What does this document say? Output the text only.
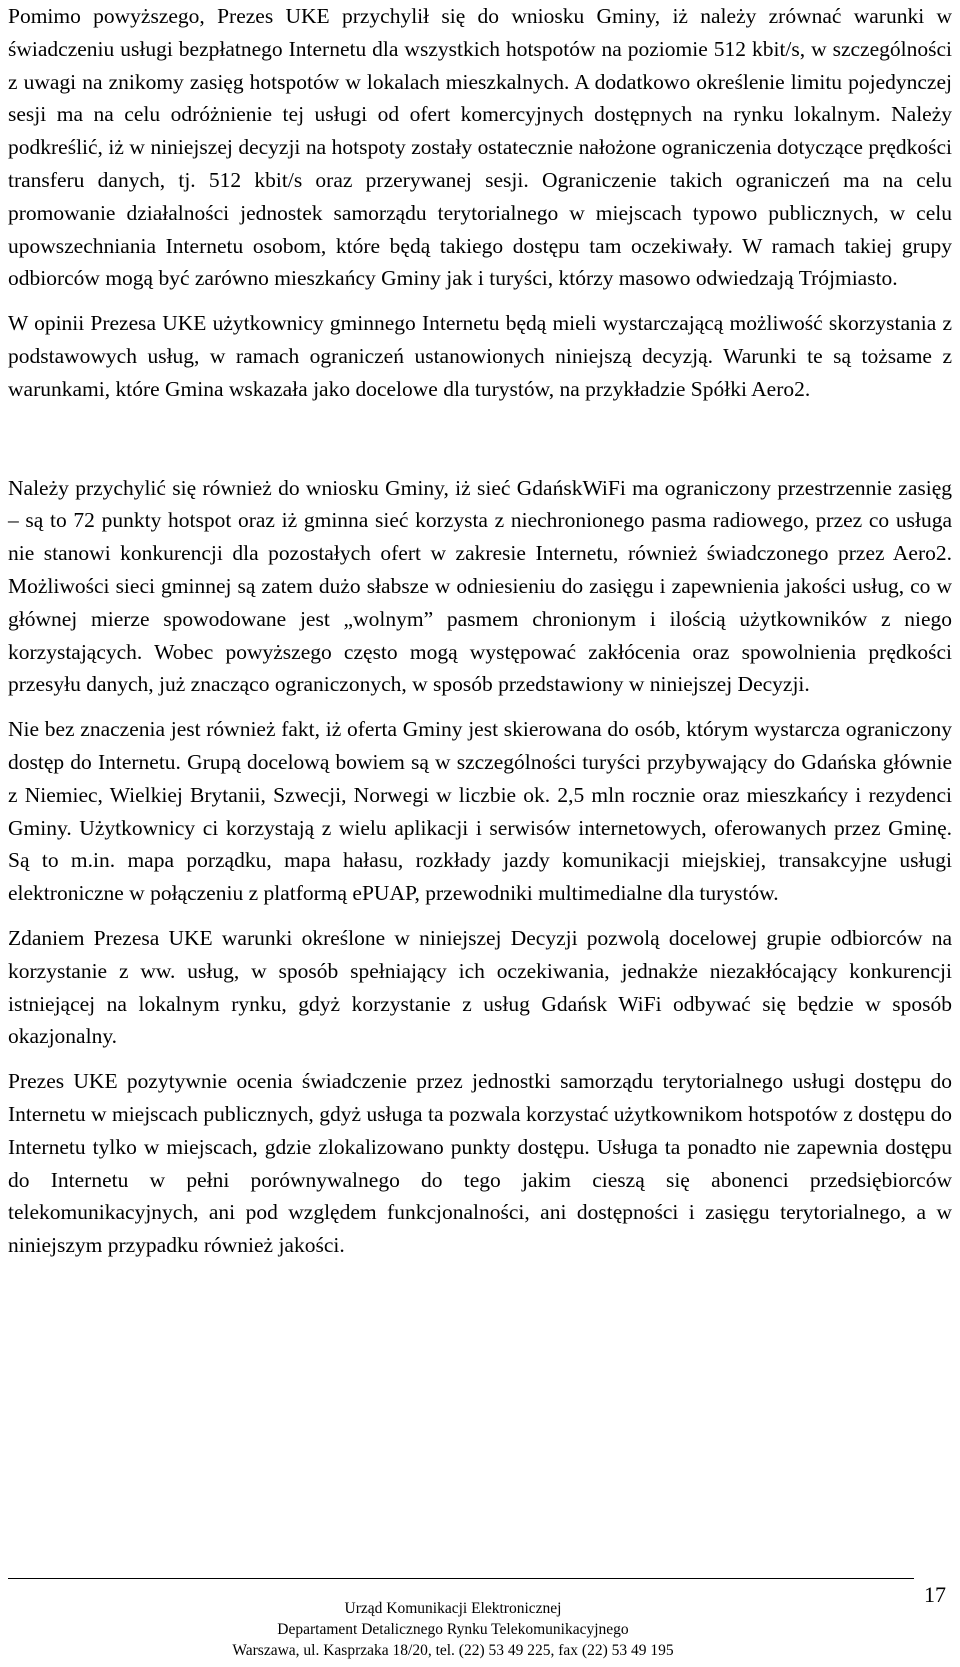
Pomimo powyższego, Prezes UKE przychylił się do wniosku Gminy, iż należy zrównać warunki w świadczeniu usługi bezpłatnego Internetu dla wszystkich hotspotów na poziomie 512 kbit/s, w szczególności z uwagi na znikomy zasięg hotspotów w lokalach mieszkalnych. A dodatkowo określenie limitu pojedynczej sesji ma na celu odróżnienie tej usługi od ofert komercyjnych dostępnych na rynku lokalnym. Należy podkreślić, iż w niniejszej decyzji na hotspoty zostały ostatecznie nałożone ograniczenia dotyczące prędkości transferu danych, tj. 512 kbit/s oraz przerywanej sesji. Ograniczenie takich ograniczeń ma na celu promowanie działalności jednostek samorządu terytorialnego w miejscach typowo publicznych, w celu upowszechniania Internetu osobom, które będą takiego dostępu tam oczekiwały. W ramach takiej grupy odbiorców mogą być zarówno mieszkańcy Gminy jak i turyści, którzy masowo odwiedzają Trójmiasto.

W opinii Prezesa UKE użytkownicy gminnego Internetu będą mieli wystarczającą możliwość skorzystania z podstawowych usług, w ramach ograniczeń ustanowionych niniejszą decyzją. Warunki te są tożsame z warunkami, które Gmina wskazała jako docelowe dla turystów, na przykładzie Spółki Aero2.

Należy przychylić się również do wniosku Gminy, iż sieć GdańskWiFi ma ograniczony przestrzennie zasięg – są to 72 punkty hotspot oraz iż gminna sieć korzysta z niechronionego pasma radiowego, przez co usługa nie stanowi konkurencji dla pozostałych ofert w zakresie Internetu, również świadczonego przez Aero2. Możliwości sieci gminnej są zatem dużo słabsze w odniesieniu do zasięgu i zapewnienia jakości usług, co w głównej mierze spowodowane jest „wolnym” pasmem chronionym i ilością użytkowników z niego korzystających. Wobec powyższego często mogą występować zakłócenia oraz spowolnienia prędkości przesyłu danych, już znacząco ograniczonych, w sposób przedstawiony w niniejszej Decyzji.

Nie bez znaczenia jest również fakt, iż oferta Gminy jest skierowana do osób, którym wystarcza ograniczony dostęp do Internetu. Grupą docelową bowiem są w szczególności turyści przybywający do Gdańska głównie z Niemiec, Wielkiej Brytanii, Szwecji, Norwegi w liczbie ok. 2,5 mln rocznie oraz mieszkańcy i rezydenci Gminy. Użytkownicy ci korzystają z wielu aplikacji i serwisów internetowych, oferowanych przez Gminę. Są to m.in. mapa porządku, mapa hałasu, rozkłady jazdy komunikacji miejskiej, transakcyjne usługi elektroniczne w połączeniu z platformą ePUAP, przewodniki multimedialne dla turystów.

Zdaniem Prezesa UKE warunki określone w niniejszej Decyzji pozwolą docelowej grupie odbiorców na korzystanie z ww. usług, w sposób spełniający ich oczekiwania, jednakże niezakłócający konkurencji istniejącej na lokalnym rynku, gdyż korzystanie z usług Gdańsk WiFi odbywać się będzie w sposób okazjonalny.

Prezes UKE pozytywnie ocenia świadczenie przez jednostki samorządu terytorialnego usługi dostępu do Internetu w miejscach publicznych, gdyż usługa ta pozwala korzystać użytkownikom hotspotów z dostępu do Internetu tylko w miejscach, gdzie zlokalizowano punkty dostępu. Usługa ta ponadto nie zapewnia dostępu do Internetu w pełni porównywalnego do tego jakim cieszą się abonenci przedsiębiorców telekomunikacyjnych, ani pod względem funkcjonalności, ani dostępności i zasięgu terytorialnego, a w niniejszym przypadku również jakości.

17
Urząd Komunikacji Elektronicznej
Departament Detalicznego Rynku Telekomunikacyjnego
Warszawa, ul. Kasprzaka 18/20, tel. (22) 53 49 225, fax (22) 53 49 195
